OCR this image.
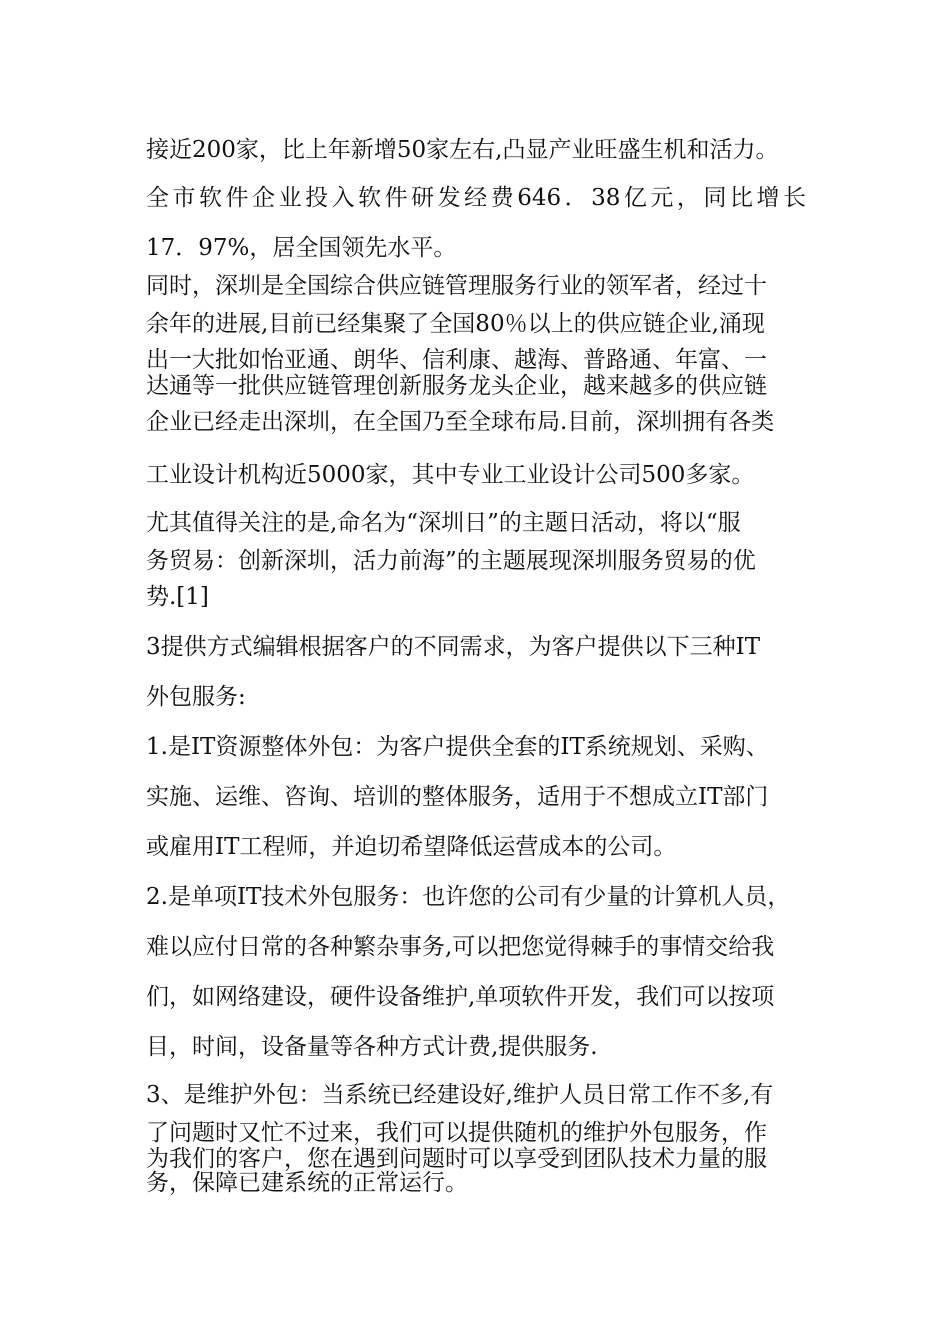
接近200家，比上年新增50家左右,凸显产业旺盛生机和活力。
全市软件企业投入软件研发经费646．38亿元，同比增长
17．97%，居全国领先水平。
同时，深圳是全国综合供应链管理服务行业的领军者，经过十
余年的进展,目前已经集聚了全国80％以上的供应链企业,涌现
出一大批如怡亚通、朗华、信利康、越海、普路通、年富、一
达通等一批供应链管理创新服务龙头企业，越来越多的供应链
企业已经走出深圳，在全国乃至全球布局.目前，深圳拥有各类
工业设计机构近5000家，其中专业工业设计公司500多家。
尤其值得关注的是,命名为“深圳日”的主题日活动，将以“服
务贸易：创新深圳，活力前海”的主题展现深圳服务贸易的优
势.[1]
3提供方式编辑根据客户的不同需求，为客户提供以下三种IT
外包服务:
1.是IT资源整体外包：为客户提供全套的IT系统规划、采购、
实施、运维、咨询、培训的整体服务，适用于不想成立IT部门
或雇用IT工程师，并迫切希望降低运营成本的公司。
2.是单项IT技术外包服务：也许您的公司有少量的计算机人员，
难以应付日常的各种繁杂事务,可以把您觉得棘手的事情交给我
们，如网络建设，硬件设备维护,单项软件开发，我们可以按项
目，时间，设备量等各种方式计费,提供服务.
3、是维护外包：当系统已经建设好,维护人员日常工作不多,有
了问题时又忙不过来，我们可以提供随机的维护外包服务，作
为我们的客户，您在遇到问题时可以享受到团队技术力量的服
务，保障已建系统的正常运行。
